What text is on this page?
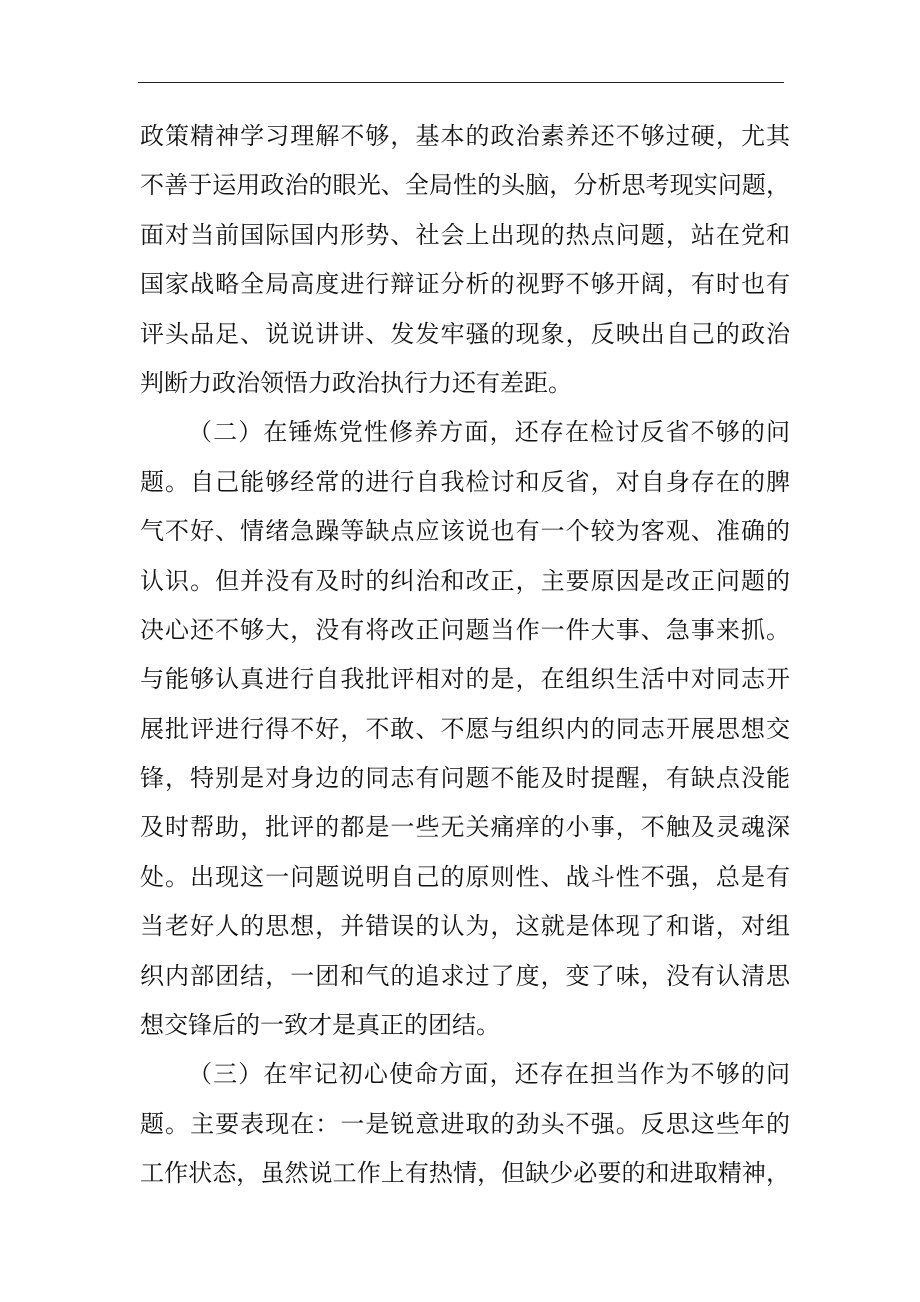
政策精神学习理解不够，基本的政治素养还不够过硬，尤其
不善于运用政治的眼光、全局性的头脑，分析思考现实问题，
面对当前国际国内形势、社会上出现的热点问题，站在党和
国家战略全局高度进行辩证分析的视野不够开阔，有时也有
评头品足、说说讲讲、发发牢骚的现象，反映出自己的政治
判断力政治领悟力政治执行力还有差距。
（二）在锤炼党性修养方面，还存在检讨反省不够的问
题。自己能够经常的进行自我检讨和反省，对自身存在的脾
气不好、情绪急躁等缺点应该说也有一个较为客观、准确的
认识。但并没有及时的纠治和改正，主要原因是改正问题的
决心还不够大，没有将改正问题当作一件大事、急事来抓。
与能够认真进行自我批评相对的是，在组织生活中对同志开
展批评进行得不好，不敢、不愿与组织内的同志开展思想交
锋，特别是对身边的同志有问题不能及时提醒，有缺点没能
及时帮助，批评的都是一些无关痛痒的小事，不触及灵魂深
处。出现这一问题说明自己的原则性、战斗性不强，总是有
当老好人的思想，并错误的认为，这就是体现了和谐，对组
织内部团结，一团和气的追求过了度，变了味，没有认清思
想交锋后的一致才是真正的团结。
（三）在牢记初心使命方面，还存在担当作为不够的问
题。主要表现在：一是锐意进取的劲头不强。反思这些年的
工作状态，虽然说工作上有热情，但缺少必要的和进取精神，
